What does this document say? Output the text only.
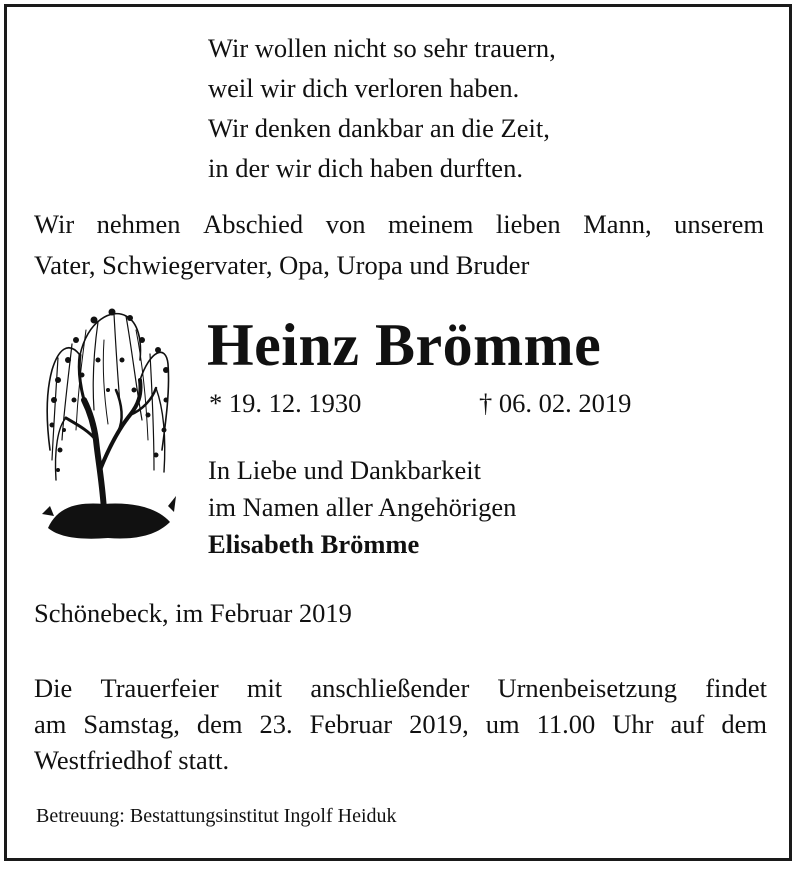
Wir wollen nicht so sehr trauern,
weil wir dich verloren haben.
Wir denken dankbar an die Zeit,
in der wir dich haben durften.
Wir nehmen Abschied von meinem lieben Mann, unserem
Vater, Schwiegervater, Opa, Uropa und Bruder
Heinz Brömme
* 19. 12. 1930	† 06. 02. 2019
In Liebe und Dankbarkeit
im Namen aller Angehörigen
Elisabeth Brömme
Schönebeck, im Februar 2019
Die Trauerfeier mit anschließender Urnenbeisetzung findet
am Samstag, dem 23. Februar 2019, um 11.00 Uhr auf dem
Westfriedhof statt.
Betreuung: Bestattungsinstitut Ingolf Heiduk
